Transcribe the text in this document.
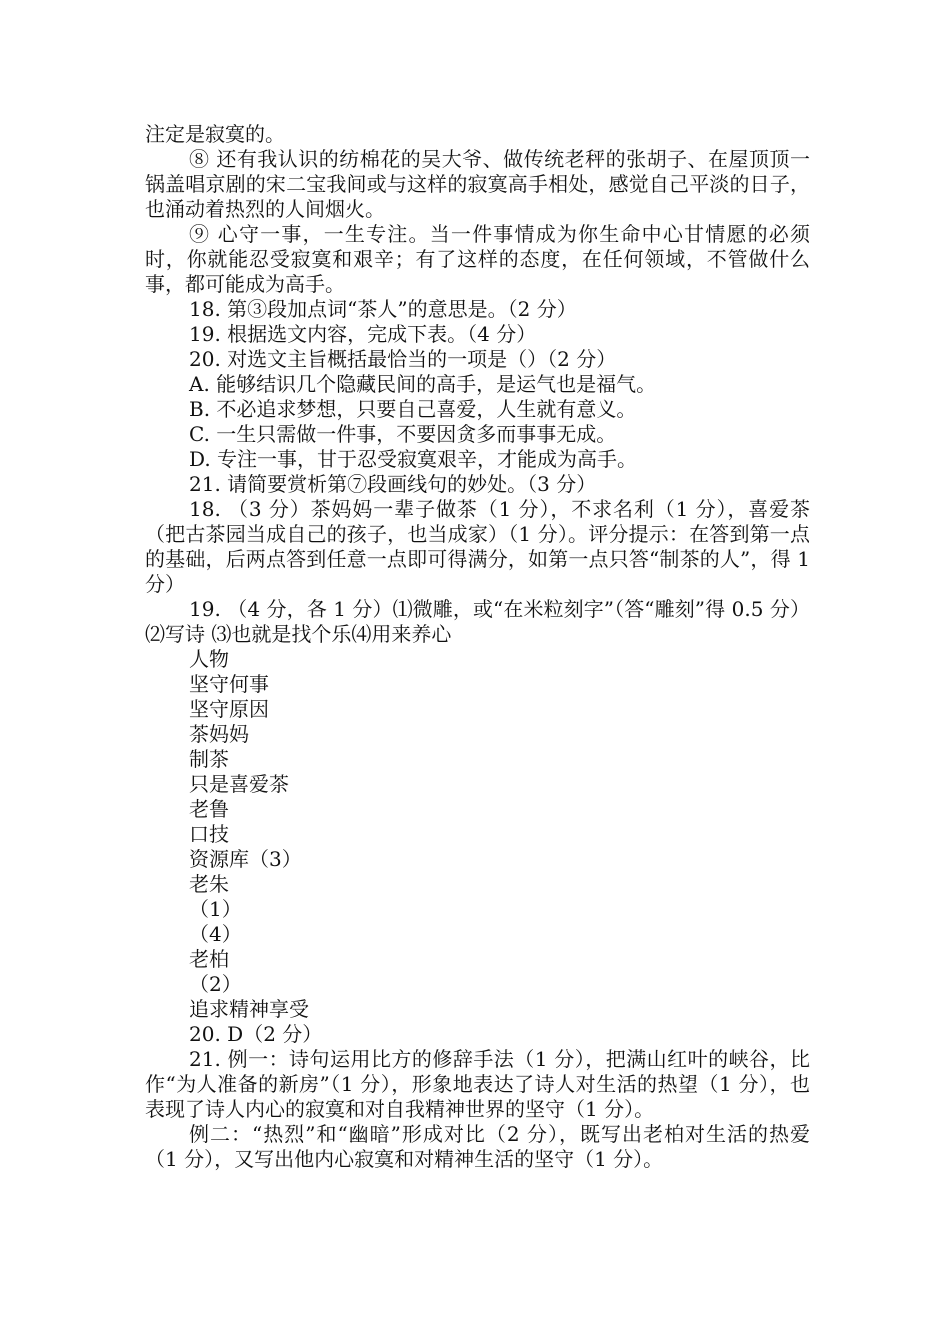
注定是寂寞的。

⑧ 还有我认识的纺棉花的吴大爷、做传统老秤的张胡子、在屋顶顶一锅盖唱京剧的宋二宝我间或与这样的寂寞高手相处，感觉自己平淡的日子，也涌动着热烈的人间烟火。

⑨ 心守一事，一生专注。当一件事情成为你生命中心甘情愿的必须时，你就能忍受寂寞和艰辛；有了这样的态度，在任何领域，不管做什么事，都可能成为高手。

18. 第③段加点词“茶人”的意思是。（2 分）

19. 根据选文内容，完成下表。（4 分）

20. 对选文主旨概括最恰当的一项是（）（2 分）

A. 能够结识几个隐藏民间的高手，是运气也是福气。

B. 不必追求梦想，只要自己喜爱，人生就有意义。

C. 一生只需做一件事，不要因贪多而事事无成。

D. 专注一事，甘于忍受寂寞艰辛，才能成为高手。

21. 请简要赏析第⑦段画线句的妙处。（3 分）

18. （3 分）茶妈妈一辈子做茶（1 分），不求名利（1 分），喜爱茶（把古茶园当成自己的孩子，也当成家）（1 分）。评分提示：在答到第一点的基础，后两点答到任意一点即可得满分，如第一点只答“制茶的人”，得 1 分）

19. （4 分，各 1 分）⑴微雕，或“在米粒刻字”（答“雕刻”得 0.5 分） ⑵写诗 ⑶也就是找个乐⑷用来养心

人物

坚守何事

坚守原因

茶妈妈

制茶

只是喜爱茶

老鲁

口技

资源库（3）

老朱

（1）

（4）

老柏

（2）

追求精神享受

20. D（2 分）

21. 例一：诗句运用比方的修辞手法（1 分），把满山红叶的峡谷，比作“为人准备的新房”（1 分），形象地表达了诗人对生活的热望（1 分），也表现了诗人内心的寂寞和对自我精神世界的坚守（1 分）。

例二：“热烈”和“幽暗”形成对比（2 分），既写出老柏对生活的热爱（1 分），又写出他内心寂寞和对精神生活的坚守（1 分）。
